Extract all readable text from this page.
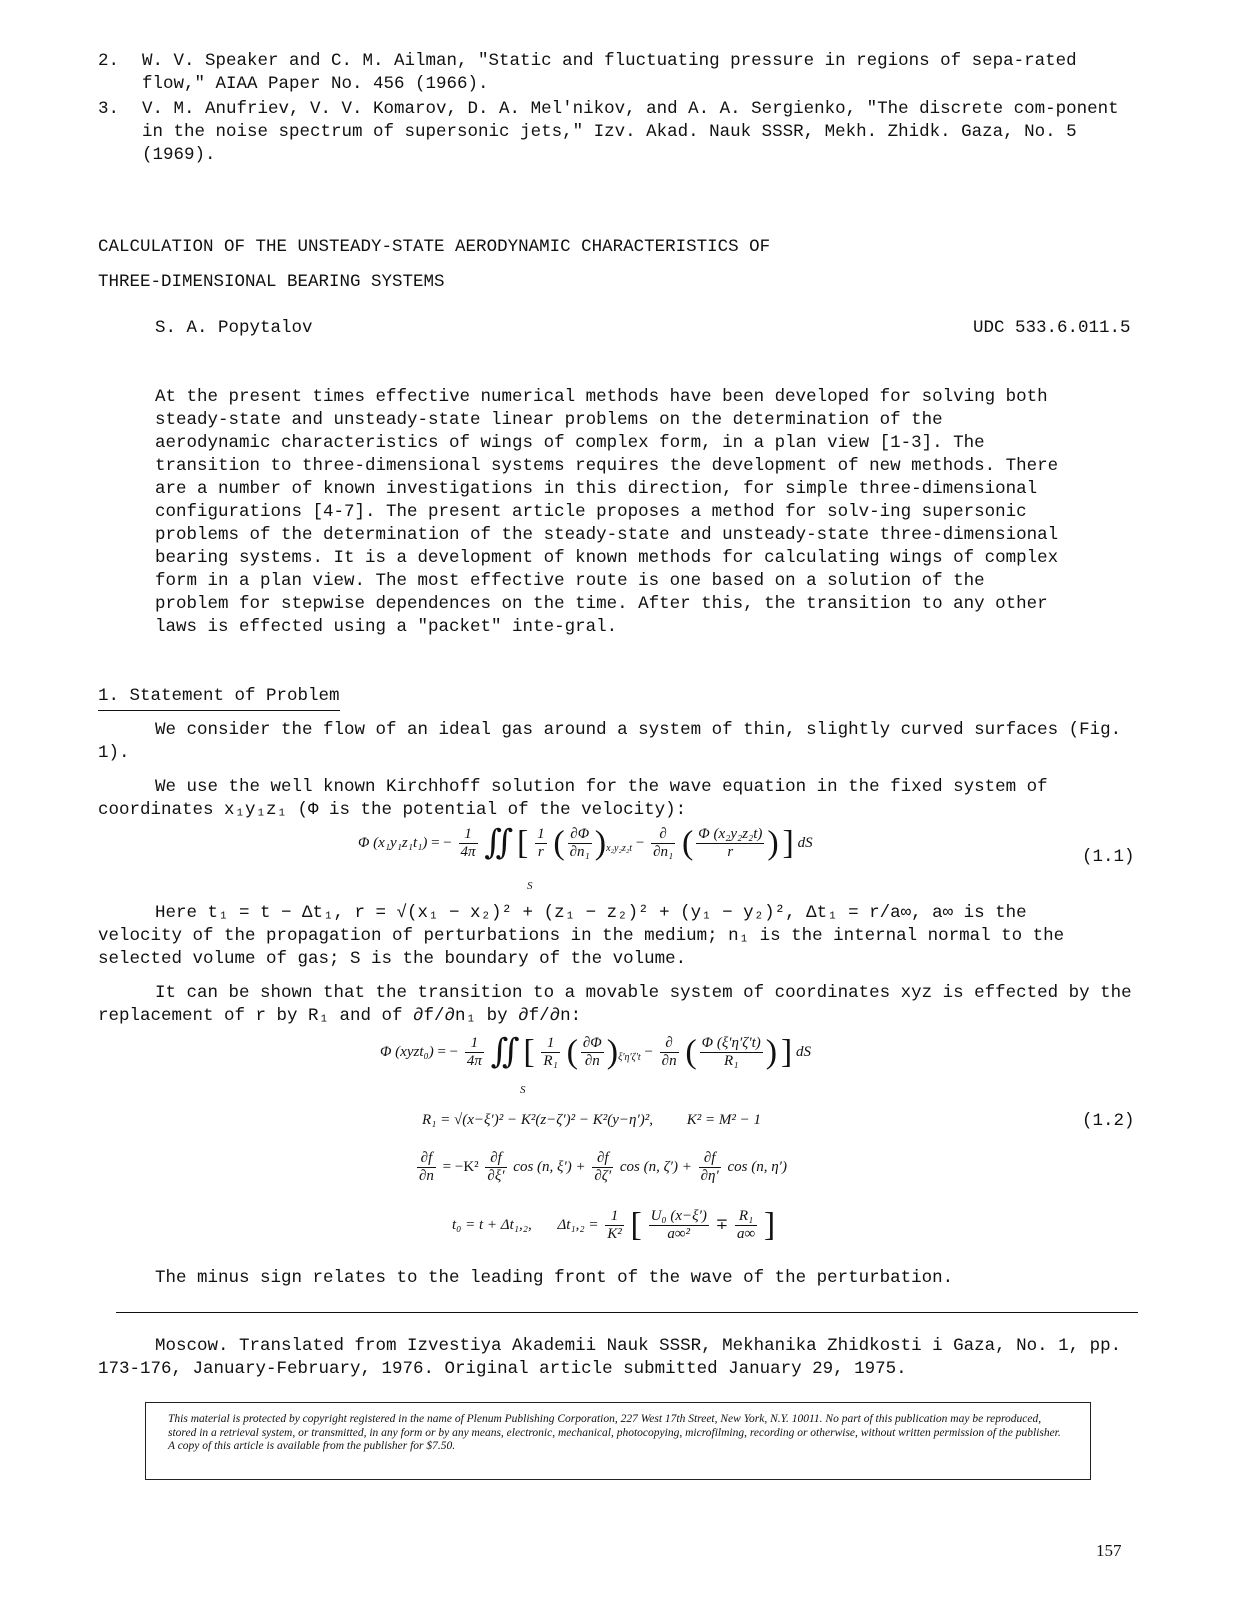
2. W. V. Speaker and C. M. Ailman, "Static and fluctuating pressure in regions of sepa-rated flow," AIAA Paper No. 456 (1966).
3. V. M. Anufriev, V. V. Komarov, D. A. Mel'nikov, and A. A. Sergienko, "The discrete com-ponent in the noise spectrum of supersonic jets," Izv. Akad. Nauk SSSR, Mekh. Zhidk. Gaza, No. 5 (1969).
CALCULATION OF THE UNSTEADY-STATE AERODYNAMIC CHARACTERISTICS OF
THREE-DIMENSIONAL BEARING SYSTEMS
S. A. Popytalov	UDC 533.6.011.5
At the present times effective numerical methods have been developed for solving both steady-state and unsteady-state linear problems on the determination of the aerodynamic characteristics of wings of complex form, in a plan view [1-3]. The transition to three-dimensional systems requires the development of new methods. There are a number of known investigations in this direction, for simple three-dimensional configurations [4-7]. The present article proposes a method for solv-ing supersonic problems of the determination of the steady-state and unsteady-state three-dimensional bearing systems. It is a development of known methods for calculating wings of complex form in a plan view. The most effective route is one based on a solution of the problem for stepwise dependences on the time. After this, the transition to any other laws is effected using a "packet" inte-gral.
1. Statement of Problem
We consider the flow of an ideal gas around a system of thin, slightly curved surfaces (Fig. 1).
We use the well known Kirchhoff solution for the wave equation in the fixed system of coordinates x₁y₁z₁ (Φ is the potential of the velocity):
Φ (x₁y₁z₁t₁) = − $\frac{1}{4\pi}$ ∬ [ $\frac{1}{r}$ ( $\frac{\partial\Phi}{\text{∂n₁}} )_{x_2y_2z_2t} - \frac{\partial}{\text{∂n₁}}$ ( $\frac{\text{Φ (x₂y₂z₂t)}}{r}$ ) ] dS
S
(1.1)
Here t₁ = t − Δt₁, r = √(x₁ − x₂)² + (z₁ − z₂)² + (y₁ − y₂)², Δt₁ = r/a∞, a∞ is the
velocity of the propagation of perturbations in the medium; n₁ is the internal normal to the selected volume of gas; S is the boundary of the volume.
It can be shown that the transition to a movable system of coordinates xyz is effected by the replacement of r by R₁ and of ∂f/∂n₁ by ∂f/∂n:
Φ (xyzt₀) = − $\frac{1}{4\pi}$ ∬ [ $\frac{1}{\text{R₁}}$ ( $\frac{\partial\Phi}{\partial n} )_{\xi'\eta'\zeta't} - \frac{\partial}{\partial n}$ ( $\frac{\Phi (\xi'\eta'\zeta't)}{\text{R₁}}$ ) ] dS
S
R₁ = √(x−ξ′)² − K²(z−ζ′)² − K²(y−η′)², K² = M² − 1	(1.2)
$\frac{\partial f}{\partial n} = -K^2 \frac{\partial f}{\partial\xi'}$ cos (n, $\xi') + \frac{\partial f}{\partial\zeta'}$ cos (n, $\zeta') + \frac{\partial f}{\partial\eta'}$ cos (n, η′)
t₀ = t + Δt₁,₂, $\Delta t_1,_2 = \frac{1}{\text{K²}}$ [ $\frac{\text{U₀ (x−ξ′)}}{\text{a∞²}} \mp \frac{\text{R₁}}{a\infty}$ ]
The minus sign relates to the leading front of the wave of the perturbation.
Moscow. Translated from Izvestiya Akademii Nauk SSSR, Mekhanika Zhidkosti i Gaza, No. 1, pp. 173-176, January-February, 1976. Original article submitted January 29, 1975.
This material is protected by copyright registered in the name of Plenum Publishing Corporation, 227 West 17th Street, New York, N.Y. 10011. No part of this publication may be reproduced, stored in a retrieval system, or transmitted, in any form or by any means, electronic, mechanical, photocopying, microfilming, recording or otherwise, without written permission of the publisher. A copy of this article is available from the publisher for $7.50.
157
